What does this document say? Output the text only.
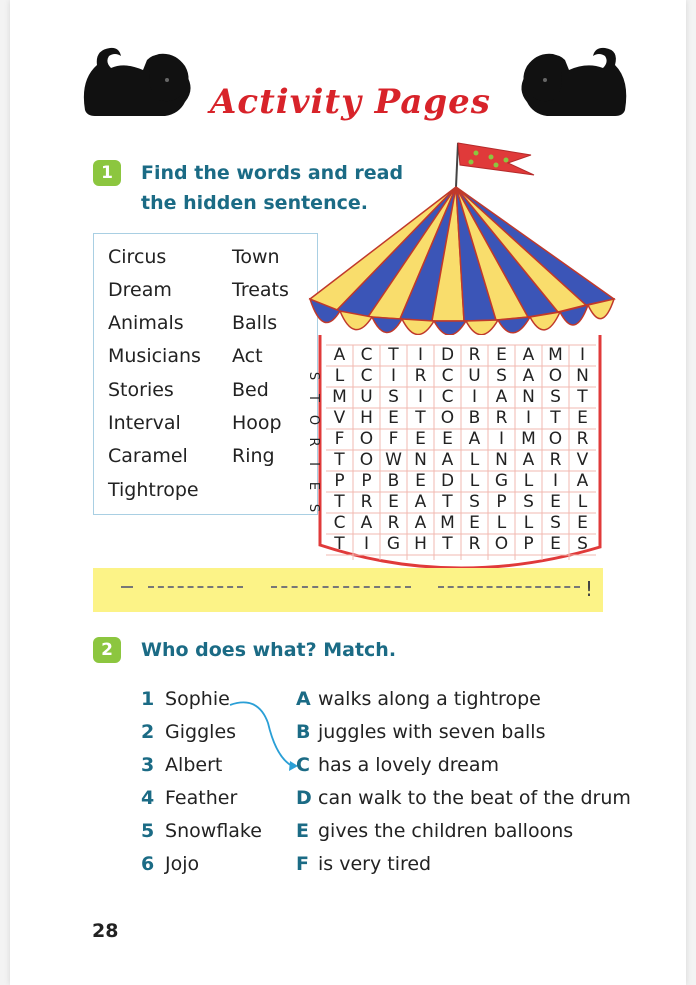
Activity Pages
1	Find the words and read
the hidden sentence.
Circus
Dream
Animals
Musicians
Stories
Interval
Caramel
Tightrope
Town
Treats
Balls
Act
Bed
Hoop
Ring
A C T	I	D R E A M	I
L C	I	R C U S A O N
M U S	I	C	I	A N S T
V H E T O B R	I	T E
F O F E E A	I	M O R
T O W N A L N A R V
P P B E D L G L	I	A
T R E A T S P S E L
C A R A M E L	L S E
T	I	G H T R O P E S
S
T
O
R
I
E
S
!
2	Who does what? Match.
1 Sophie
2 Giggles
3 Albert
4 Feather
5 Snowflake
6 Jojo
A walks along a tightrope
B juggles with seven balls
C has a lovely dream
D can walk to the beat of the drum
E gives the children balloons
F is very tired
28
